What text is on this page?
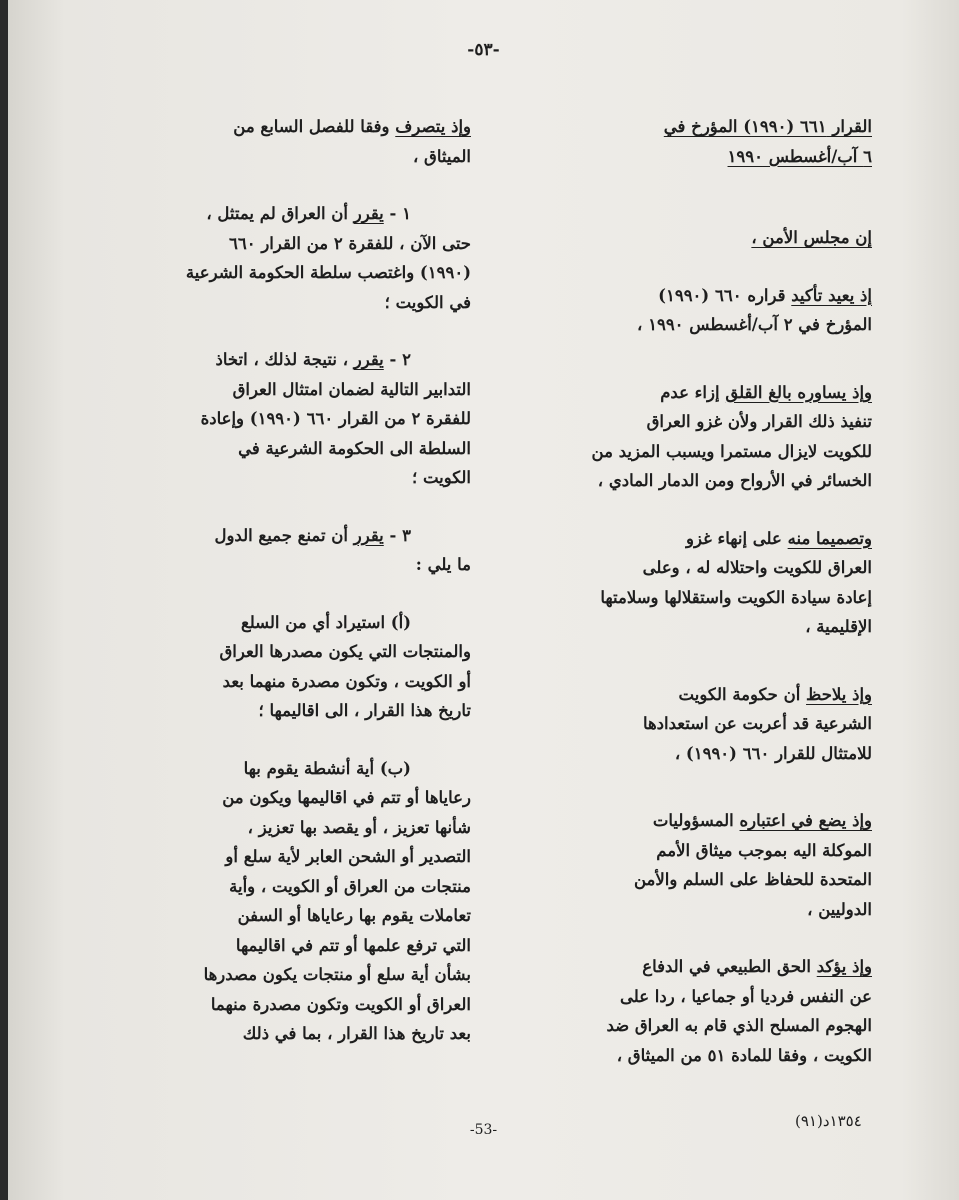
-٥٣-

القرار ٦٦١ (١٩٩٠) المؤرخ في

٦ آب/أغسطس ١٩٩٠

إن مجلس الأمن ،

إذ يعيد تأكيد قراره ٦٦٠ (١٩٩٠)

المؤرخ في ٢ آب/أغسطس ١٩٩٠ ،

وإذ يساوره بالغ القلق إزاء عدم

تنفيذ ذلك القرار ولأن غزو العراق

للكويت لايزال مستمرا ويسبب المزيد من

الخسائر في الأرواح ومن الدمار المادي ،

وتصميما منه على إنهاء غزو

العراق للكويت واحتلاله له ، وعلى

إعادة سيادة الكويت واستقلالها وسلامتها

الإقليمية ،

وإذ يلاحظ أن حكومة الكويت

الشرعية قد أعربت عن استعدادها

للامتثال للقرار ٦٦٠ (١٩٩٠) ،

وإذ يضع في اعتباره المسؤوليات

الموكلة اليه بموجب ميثاق الأمم

المتحدة للحفاظ على السلم والأمن

الدوليين ،

وإذ يؤكد الحق الطبيعي في الدفاع

عن النفس فرديا أو جماعيا ، ردا على

الهجوم المسلح الذي قام به العراق ضد

الكويت ، وفقا للمادة ٥١ من الميثاق ،

وإذ يتصرف وفقا للفصل السابع من

الميثاق ،

١ - يقرر أن العراق لم يمتثل ،

حتى الآن ، للفقرة ٢ من القرار ٦٦٠

(١٩٩٠) واغتصب سلطة الحكومة الشرعية

في الكويت ؛

٢ - يقرر ، نتيجة لذلك ، اتخاذ

التدابير التالية لضمان امتثال العراق

للفقرة ٢ من القرار ٦٦٠ (١٩٩٠) وإعادة

السلطة الى الحكومة الشرعية في

الكويت ؛

٣ - يقرر أن تمنع جميع الدول

ما يلي :

(أ) استيراد أي من السلع

والمنتجات التي يكون مصدرها العراق

أو الكويت ، وتكون مصدرة منهما بعد

تاريخ هذا القرار ، الى اقاليمها ؛

(ب) أية أنشطة يقوم بها

رعاياها أو تتم في اقاليمها ويكون من

شأنها تعزيز ، أو يقصد بها تعزيز ،

التصدير أو الشحن العابر لأية سلع أو

منتجات من العراق أو الكويت ، وأية

تعاملات يقوم بها رعاياها أو السفن

التي ترفع علمها أو تتم في اقاليمها

بشأن أية سلع أو منتجات يكون مصدرها

العراق أو الكويت وتكون مصدرة منهما

بعد تاريخ هذا القرار ، بما في ذلك

١٣٥٤د(٩١)
-53-
